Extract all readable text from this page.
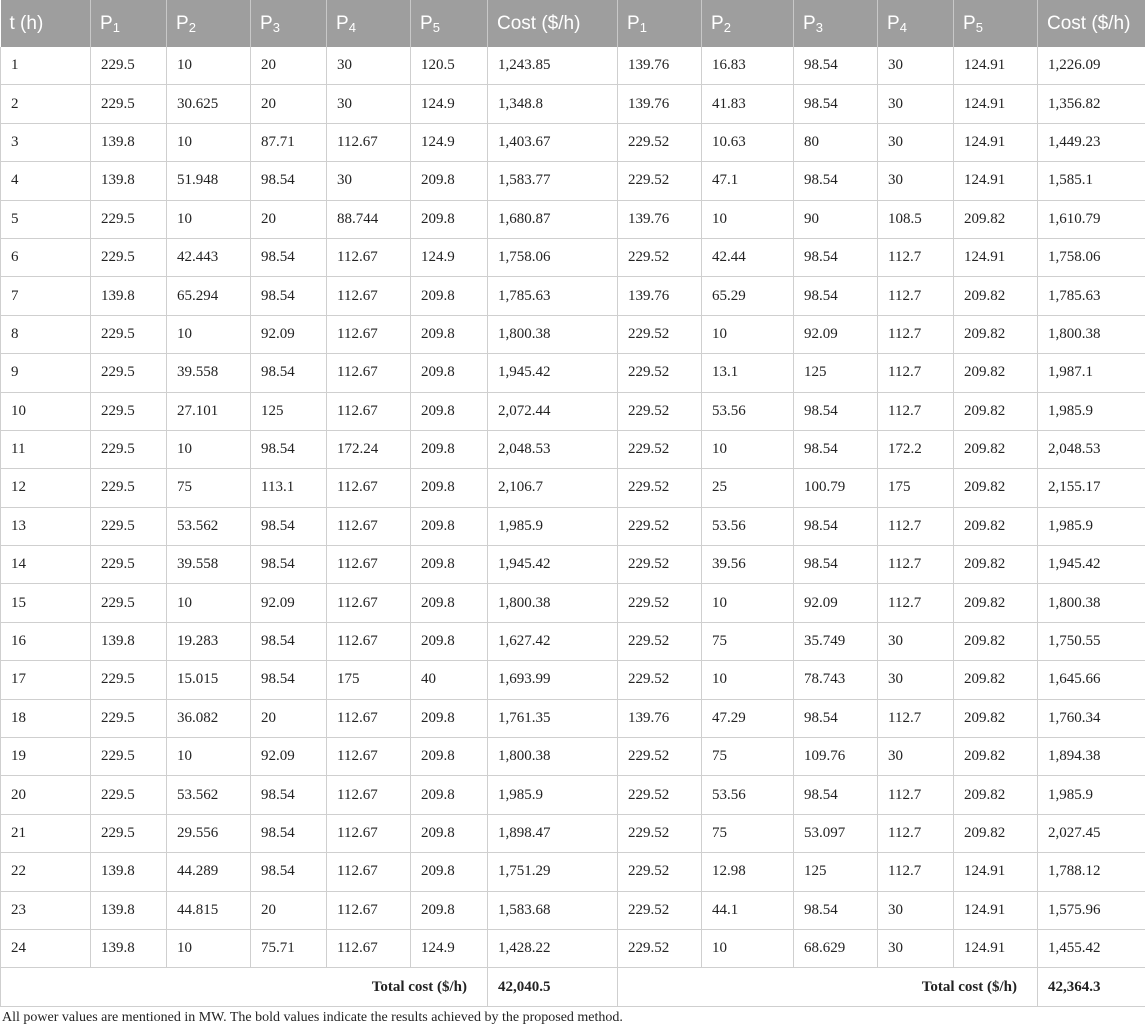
t (h)	$P_1$	$P_2$	$P_3$	$P_4$	$P_5$	Cost ($/h)	$P_1$	$P_2$	$P_3$	$P_4$	$P_5$	Cost ($/h)
1	229.5	10	20	30	120.5	1,243.85	139.76	16.83	98.54	30	124.91	1,226.09
2	229.5	30.625	20	30	124.9	1,348.8	139.76	41.83	98.54	30	124.91	1,356.82
3	139.8	10	87.71	112.67	124.9	1,403.67	229.52	10.63	80	30	124.91	1,449.23
4	139.8	51.948	98.54	30	209.8	1,583.77	229.52	47.1	98.54	30	124.91	1,585.1
5	229.5	10	20	88.744	209.8	1,680.87	139.76	10	90	108.5	209.82	1,610.79
6	229.5	42.443	98.54	112.67	124.9	1,758.06	229.52	42.44	98.54	112.7	124.91	1,758.06
7	139.8	65.294	98.54	112.67	209.8	1,785.63	139.76	65.29	98.54	112.7	209.82	1,785.63
8	229.5	10	92.09	112.67	209.8	1,800.38	229.52	10	92.09	112.7	209.82	1,800.38
9	229.5	39.558	98.54	112.67	209.8	1,945.42	229.52	13.1	125	112.7	209.82	1,987.1
10	229.5	27.101	125	112.67	209.8	2,072.44	229.52	53.56	98.54	112.7	209.82	1,985.9
11	229.5	10	98.54	172.24	209.8	2,048.53	229.52	10	98.54	172.2	209.82	2,048.53
12	229.5	75	113.1	112.67	209.8	2,106.7	229.52	25	100.79	175	209.82	2,155.17
13	229.5	53.562	98.54	112.67	209.8	1,985.9	229.52	53.56	98.54	112.7	209.82	1,985.9
14	229.5	39.558	98.54	112.67	209.8	1,945.42	229.52	39.56	98.54	112.7	209.82	1,945.42
15	229.5	10	92.09	112.67	209.8	1,800.38	229.52	10	92.09	112.7	209.82	1,800.38
16	139.8	19.283	98.54	112.67	209.8	1,627.42	229.52	75	35.749	30	209.82	1,750.55
17	229.5	15.015	98.54	175	40	1,693.99	229.52	10	78.743	30	209.82	1,645.66
18	229.5	36.082	20	112.67	209.8	1,761.35	139.76	47.29	98.54	112.7	209.82	1,760.34
19	229.5	10	92.09	112.67	209.8	1,800.38	229.52	75	109.76	30	209.82	1,894.38
20	229.5	53.562	98.54	112.67	209.8	1,985.9	229.52	53.56	98.54	112.7	209.82	1,985.9
21	229.5	29.556	98.54	112.67	209.8	1,898.47	229.52	75	53.097	112.7	209.82	2,027.45
22	139.8	44.289	98.54	112.67	209.8	1,751.29	229.52	12.98	125	112.7	124.91	1,788.12
23	139.8	44.815	20	112.67	209.8	1,583.68	229.52	44.1	98.54	30	124.91	1,575.96
24	139.8	10	75.71	112.67	124.9	1,428.22	229.52	10	68.629	30	124.91	1,455.42
Total cost ($/h)						42,040.5	Total cost ($/h)					42,364.3
All power values are mentioned in MW. The bold values indicate the results achieved by the proposed method.
